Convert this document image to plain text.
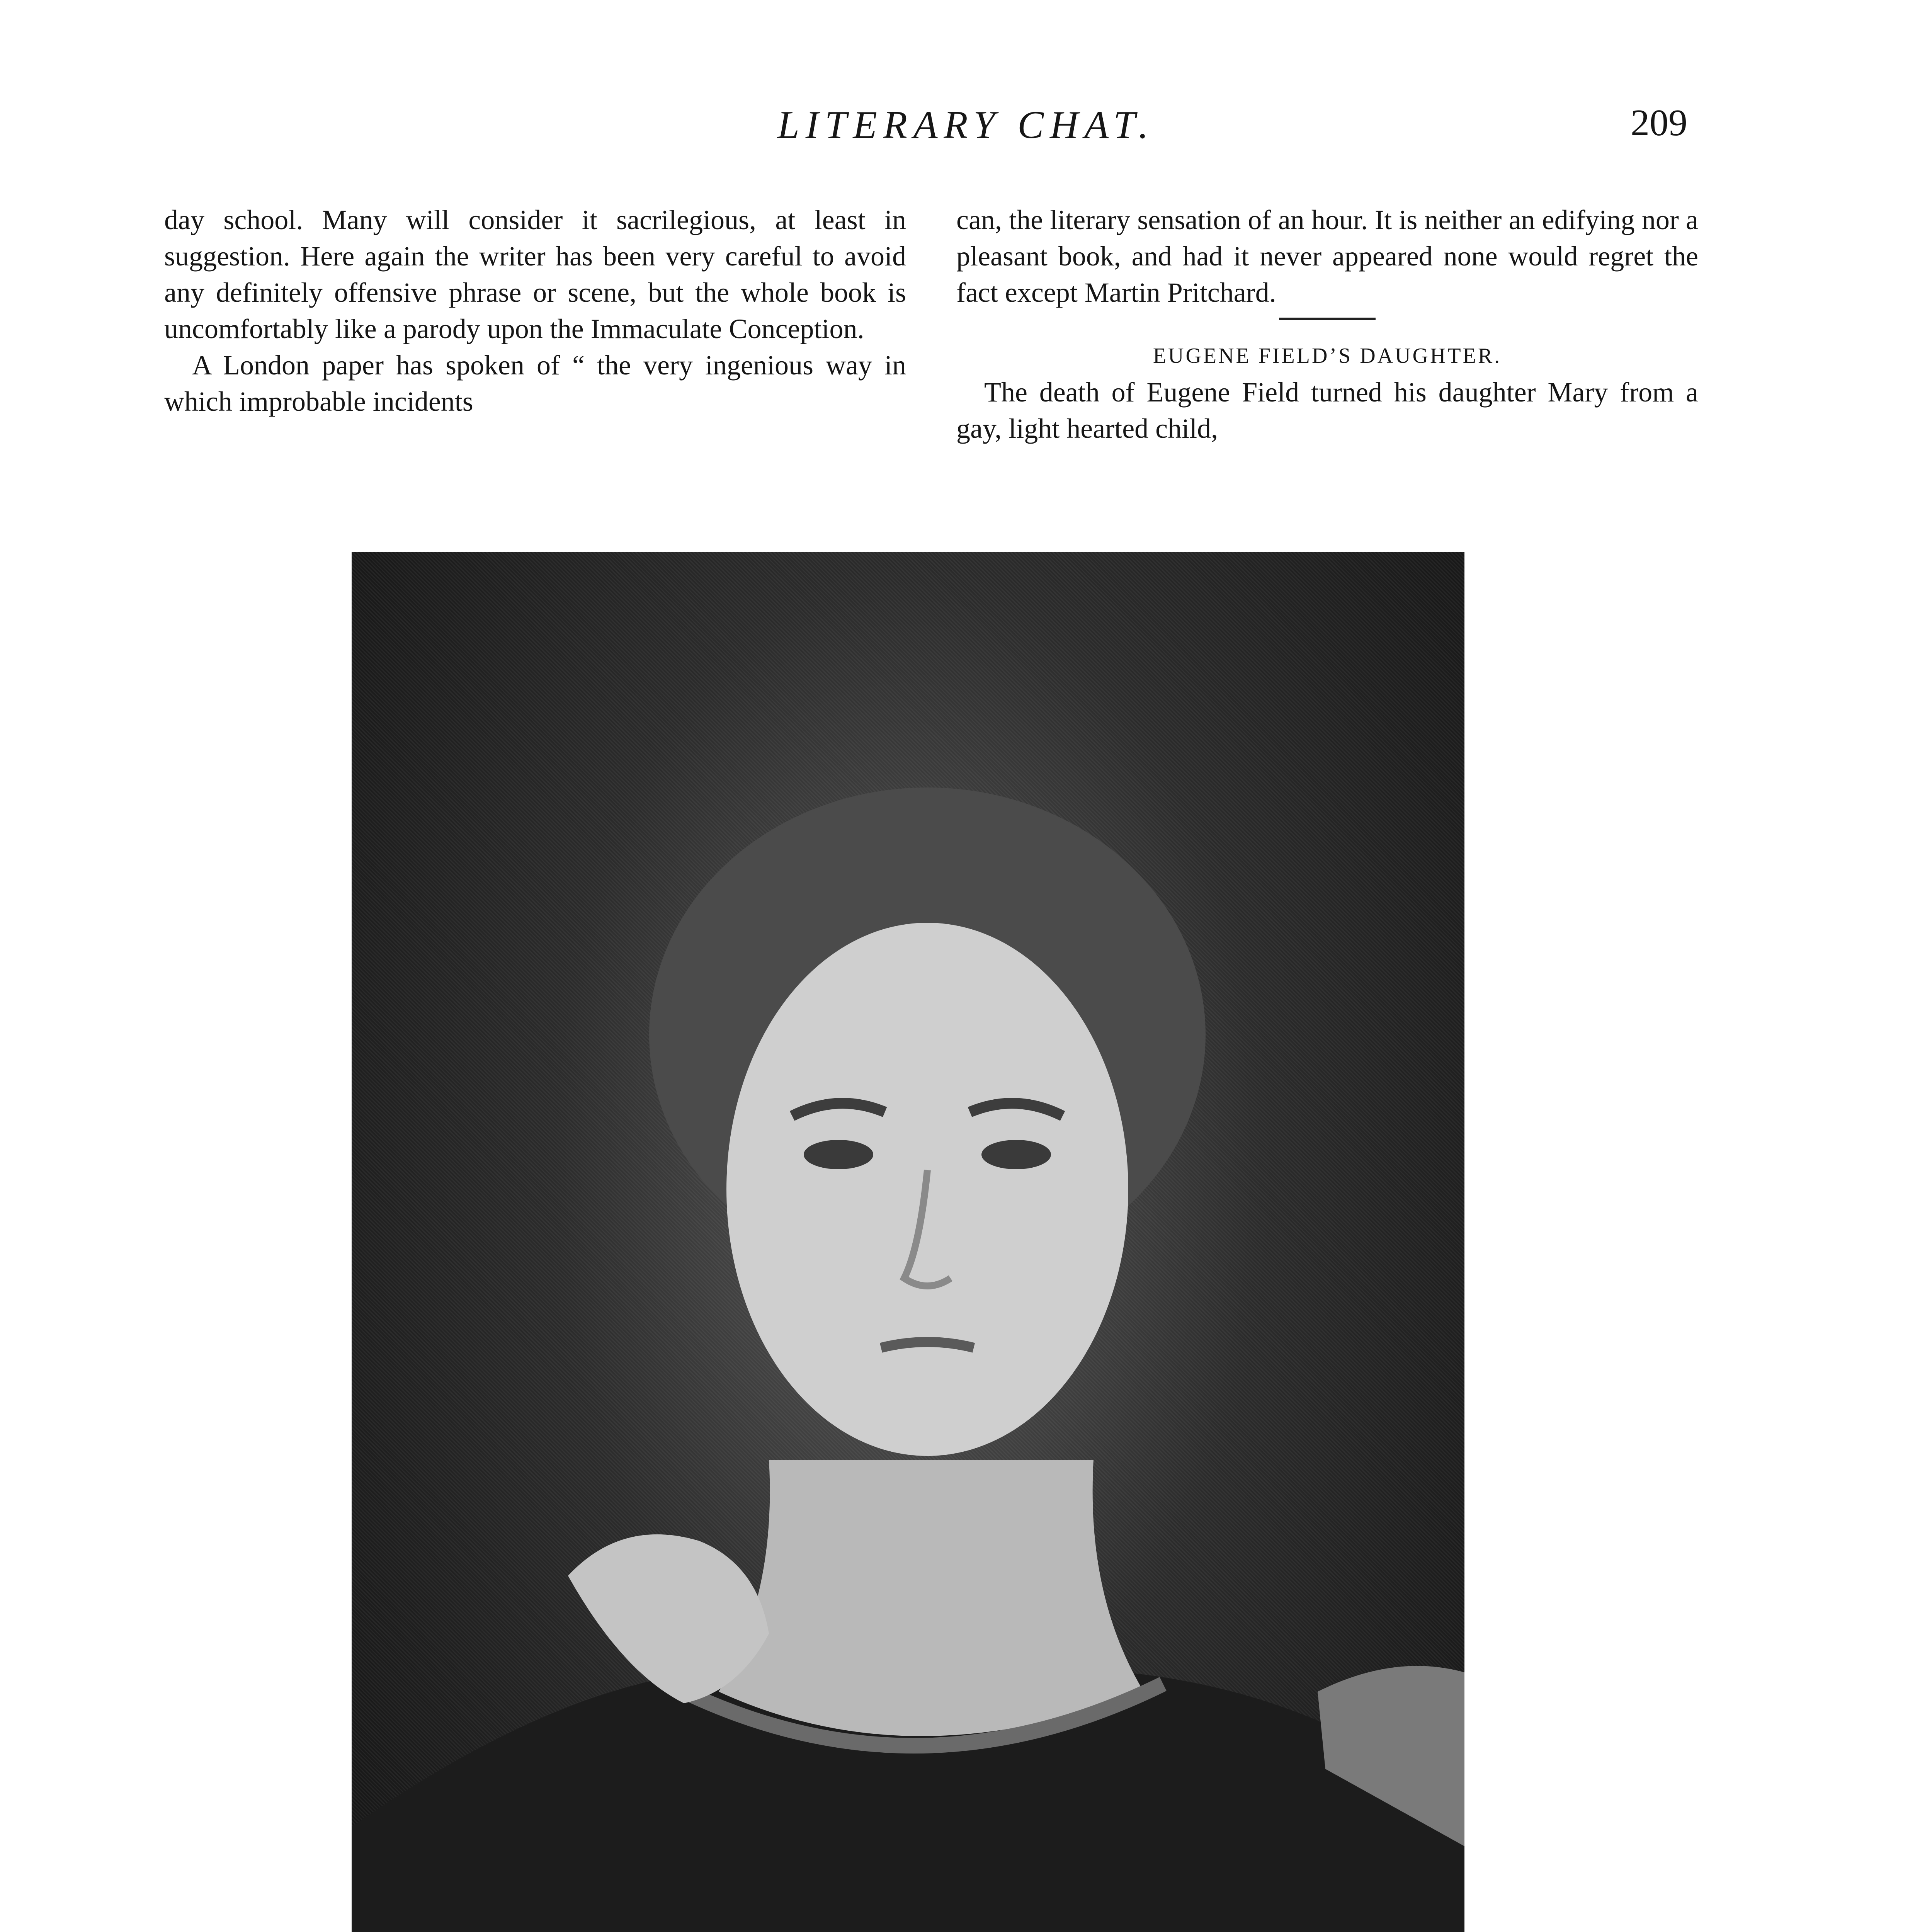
LITERARY CHAT.	209

day school. Many will consider it sacrilegious, at least in suggestion. Here again the writer has been very careful to avoid any definitely offensive phrase or scene, but the whole book is uncomfortably like a parody upon the Immaculate Conception.

A London paper has spoken of “ the very ingenious way in which improbable incidents

can, the literary sensation of an hour. It is neither an edifying nor a pleasant book, and had it never appeared none would regret the fact except Martin Pritchard.

EUGENE FIELD’S DAUGHTER.

The death of Eugene Field turned his daughter Mary from a gay, light hearted child,
